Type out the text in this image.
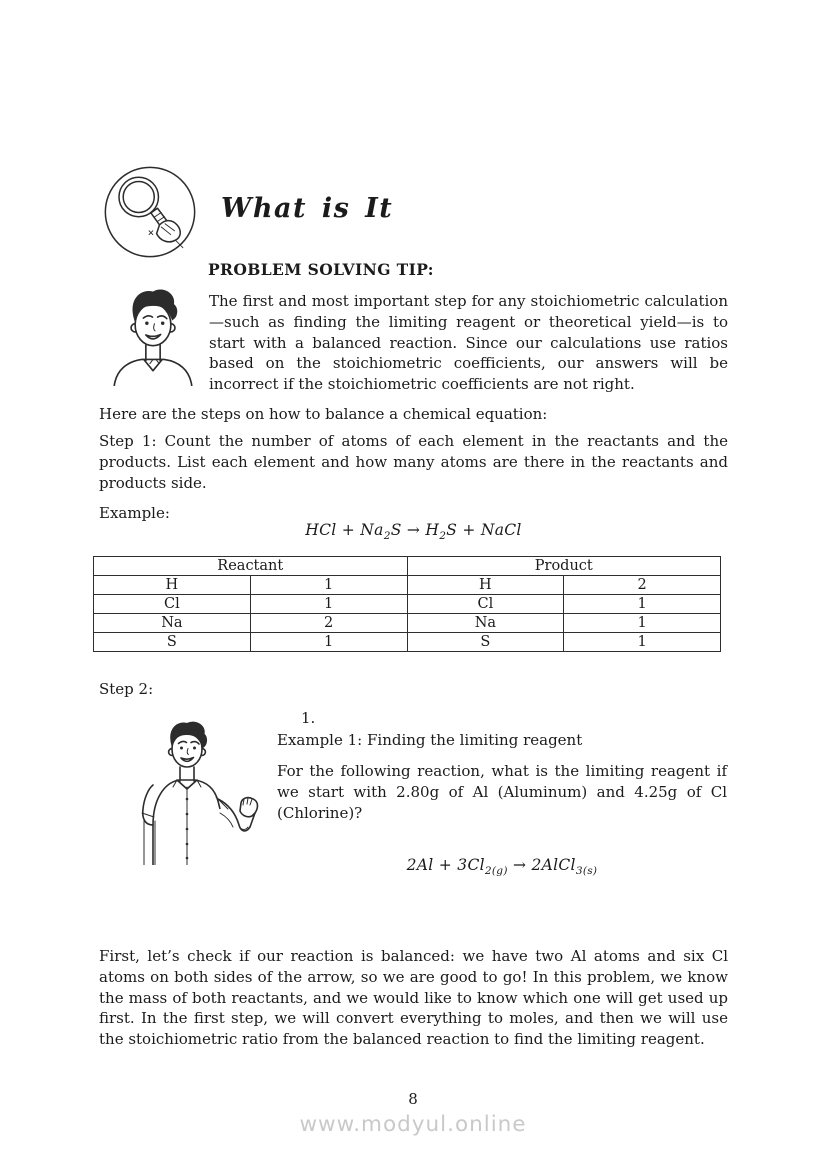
What is It
PROBLEM SOLVING TIP:
The first and most important step for any stoichiometric calculation—such as finding the limiting reagent or theoretical yield—is to start with a balanced reaction. Since our calculations use ratios based on the stoichiometric coefficients, our answers will be incorrect if the stoichiometric coefficients are not right.
Here are the steps on how to balance a chemical equation:
Step 1: Count the number of atoms of each element in the reactants and the products. List each element and how many atoms are there in the reactants and products side.
Example:
HCl + $Na_2S \to H_2S$ + NaCl
Reactant		Product	
H	1	H	2
Cl	1	Cl	1
Na	2	Na	1
S	1	S	1
Step 2:
1.
Example 1: Finding the limiting reagent
For the following reaction, what is the limiting reagent if we start with 2.80g of Al (Aluminum) and 4.25g of Cl (Chlorine)?
$2Al + 3Cl_{2(g)}$ → 2AlCl$_{3(s)}$
First, let’s check if our reaction is balanced: we have two Al atoms and six Cl atoms on both sides of the arrow, so we are good to go! In this problem, we know the mass of both reactants, and we would like to know which one will get used up first. In the first step, we will convert everything to moles, and then we will use the stoichiometric ratio from the balanced reaction to find the limiting reagent.
8
www.modyul.online
